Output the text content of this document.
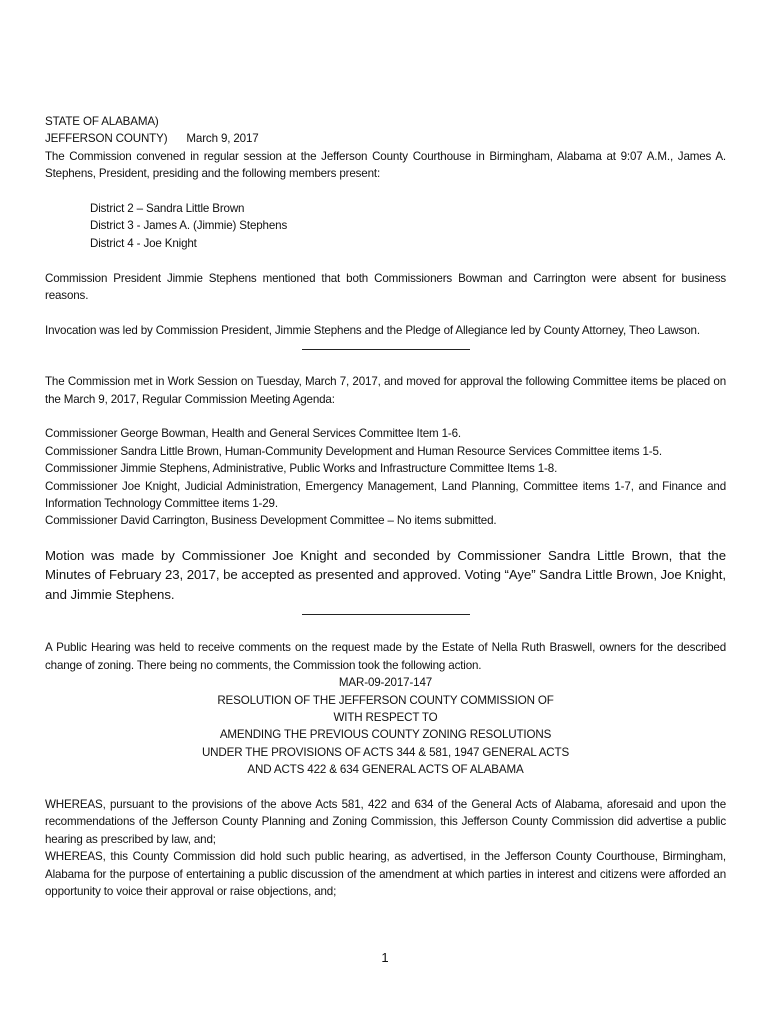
STATE OF ALABAMA)

JEFFERSON COUNTY) March 9, 2017

The Commission convened in regular session at the Jefferson County Courthouse in Birmingham, Alabama at 9:07 A.M., James A. Stephens, President, presiding and the following members present:

District 2 – Sandra Little Brown

District 3 - James A. (Jimmie) Stephens

District 4 - Joe Knight

Commission President Jimmie Stephens mentioned that both Commissioners Bowman and Carrington were absent for business reasons.

Invocation was led by Commission President, Jimmie Stephens and the Pledge of Allegiance led by County Attorney, Theo Lawson.

The Commission met in Work Session on Tuesday, March 7, 2017, and moved for approval the following Committee items be placed on the March 9, 2017, Regular Commission Meeting Agenda:

Commissioner George Bowman, Health and General Services Committee Item 1-6.

Commissioner Sandra Little Brown, Human-Community Development and Human Resource Services Committee items 1-5.

Commissioner Jimmie Stephens, Administrative, Public Works and Infrastructure Committee Items 1-8.

Commissioner Joe Knight, Judicial Administration, Emergency Management, Land Planning, Committee items 1-7, and Finance and Information Technology Committee items 1-29.

Commissioner David Carrington, Business Development Committee – No items submitted.

Motion was made by Commissioner Joe Knight and seconded by Commissioner Sandra Little Brown, that the Minutes of February 23, 2017, be accepted as presented and approved. Voting “Aye” Sandra Little Brown, Joe Knight, and Jimmie Stephens.

A Public Hearing was held to receive comments on the request made by the Estate of Nella Ruth Braswell, owners for the described change of zoning. There being no comments, the Commission took the following action.

MAR-09-2017-147

RESOLUTION OF THE JEFFERSON COUNTY COMMISSION OF

WITH RESPECT TO

AMENDING THE PREVIOUS COUNTY ZONING RESOLUTIONS

UNDER THE PROVISIONS OF ACTS 344 & 581, 1947 GENERAL ACTS

AND ACTS 422 & 634 GENERAL ACTS OF ALABAMA

WHEREAS, pursuant to the provisions of the above Acts 581, 422 and 634 of the General Acts of Alabama, aforesaid and upon the recommendations of the Jefferson County Planning and Zoning Commission, this Jefferson County Commission did advertise a public hearing as prescribed by law, and;

WHEREAS, this County Commission did hold such public hearing, as advertised, in the Jefferson County Courthouse, Birmingham, Alabama for the purpose of entertaining a public discussion of the amendment at which parties in interest and citizens were afforded an opportunity to voice their approval or raise objections, and;

1
